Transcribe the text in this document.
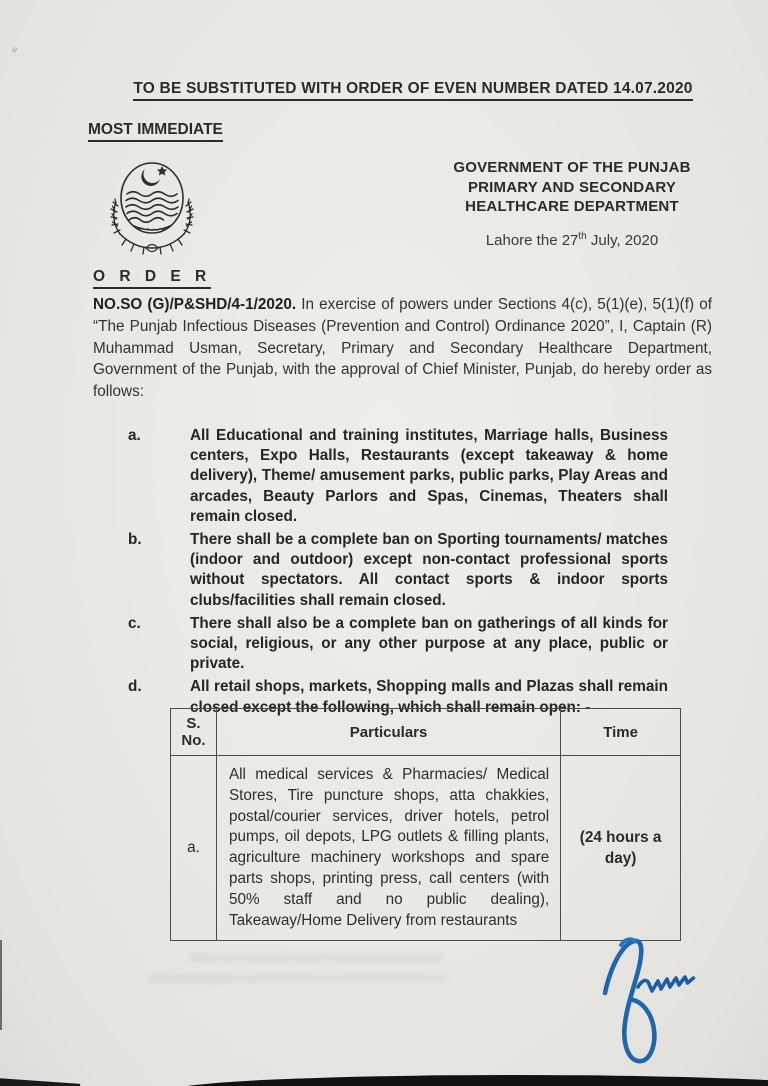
≈
TO BE SUBSTITUTED WITH ORDER OF EVEN NUMBER DATED 14.07.2020
MOST IMMEDIATE
GOVERNMENT OF THE PUNJAB
PRIMARY AND SECONDARY
HEALTHCARE DEPARTMENT
Lahore the 27th July, 2020
O R D E R

NO.SO (G)/P&SHD/4-1/2020. In exercise of powers under Sections 4(c), 5(1)(e), 5(1)(f) of “The Punjab Infectious Diseases (Prevention and Control) Ordinance 2020”, I, Captain (R) Muhammad Usman, Secretary, Primary and Secondary Healthcare Department, Government of the Punjab, with the approval of Chief Minister, Punjab, do hereby order as follows:

a.	All Educational and training institutes, Marriage halls, Business centers, Expo Halls, Restaurants (except takeaway & home delivery), Theme/ amusement parks, public parks, Play Areas and arcades, Beauty Parlors and Spas, Cinemas, Theaters shall remain closed.
b.	There shall be a complete ban on Sporting tournaments/ matches (indoor and outdoor) except non-contact professional sports without spectators. All contact sports & indoor sports clubs/facilities shall remain closed.
c.	There shall also be a complete ban on gatherings of all kinds for social, religious, or any other purpose at any place, public or private.
d.	All retail shops, markets, Shopping malls and Plazas shall remain closed except the following, which shall remain open: -
S. No.	Particulars	Time
a.	All medical services & Pharmacies/ Medical Stores, Tire puncture shops, atta chakkies, postal/courier services, driver hotels, petrol pumps, oil depots, LPG outlets & filling plants, agriculture machinery workshops and spare parts shops, printing press, call centers (with 50% staff and no public dealing), Takeaway/Home Delivery from restaurants	(24 hours a day)
